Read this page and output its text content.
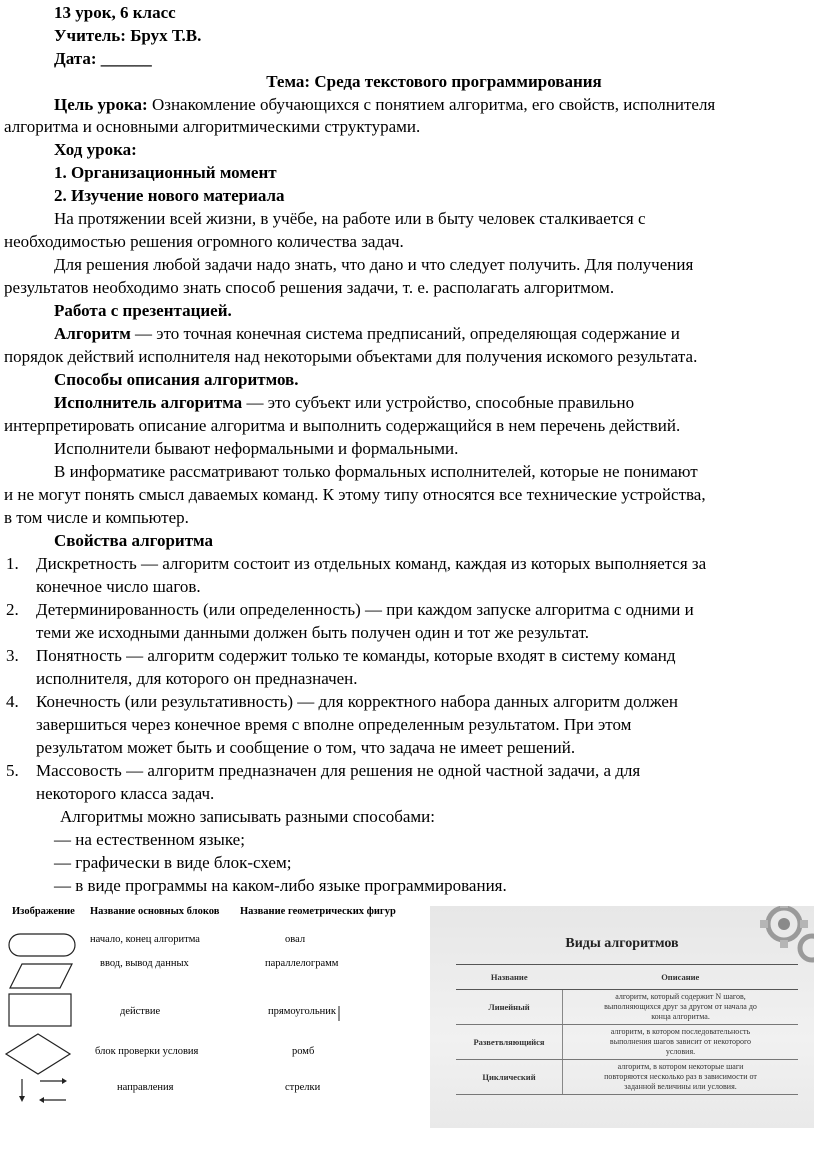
13 урок, 6 класс
Учитель: Брух Т.В.
Дата: ______
Тема: Среда текстового программирования
Цель урока: Ознакомление обучающихся с понятием алгоритма, его свойств, исполнителя
алгоритма и основными алгоритмическими структурами.
Ход урока:
1. Организационный момент
2. Изучение нового материала
На протяжении всей жизни, в учёбе, на работе или в быту человек сталкивается с
необходимостью решения огромного количества задач.
Для решения любой задачи надо знать, что дано и что следует получить. Для получения
результатов необходимо знать способ решения задачи, т. е. располагать алгоритмом.
Работа с презентацией.
Алгоритм — это точная конечная система предписаний, определяющая содержание и
порядок действий исполнителя над некоторыми объектами для получения искомого результата.
Способы описания алгоритмов.
Исполнитель алгоритма — это субъект или устройство, способные правильно
интерпретировать описание алгоритма и выполнить содержащийся в нем перечень действий.
Исполнители бывают неформальными и формальными.
В информатике рассматривают только формальных исполнителей, которые не понимают
и не могут понять смысл даваемых команд. К этому типу относятся все технические устройства,
в том числе и компьютер.
Свойства алгоритма
1. Дискретность — алгоритм состоит из отдельных команд, каждая из которых выполняется за
конечное число шагов.
2. Детерминированность (или определенность) — при каждом запуске алгоритма с одними и
теми же исходными данными должен быть получен один и тот же результат.
3. Понятность — алгоритм содержит только те команды, которые входят в систему команд
исполнителя, для которого он предназначен.
4. Конечность (или результативность) — для корректного набора данных алгоритм должен
завершиться через конечное время с вполне определенным результатом. При этом
результатом может быть и сообщение о том, что задача не имеет решений.
5. Массовость — алгоритм предназначен для решения не одной частной задачи, а для
некоторого класса задач.
Алгоритмы можно записывать разными способами:
— на естественном языке;
— графически в виде блок-схем;
— в виде программы на каком-либо языке программирования.
Изображение Название основных блоков Название геометрических фигур
начало, конец алгоритма	овал
ввод, вывод данных	параллелограмм
действие	прямоугольник
блок проверки условия	ромб
направления	стрелки
Виды алгоритмов
Название	Описание
Линейный	алгоритм, который содержит N шагов,
выполняющихся друг за другом от начала до
конца алгоритма.

Разветвляющийся	алгоритм, в котором последовательность
выполнения шагов зависит от некоторого
условия.

Циклический	алгоритм, в котором некоторые шаги
повторяются несколько раз в зависимости от
заданной величины или условия.
